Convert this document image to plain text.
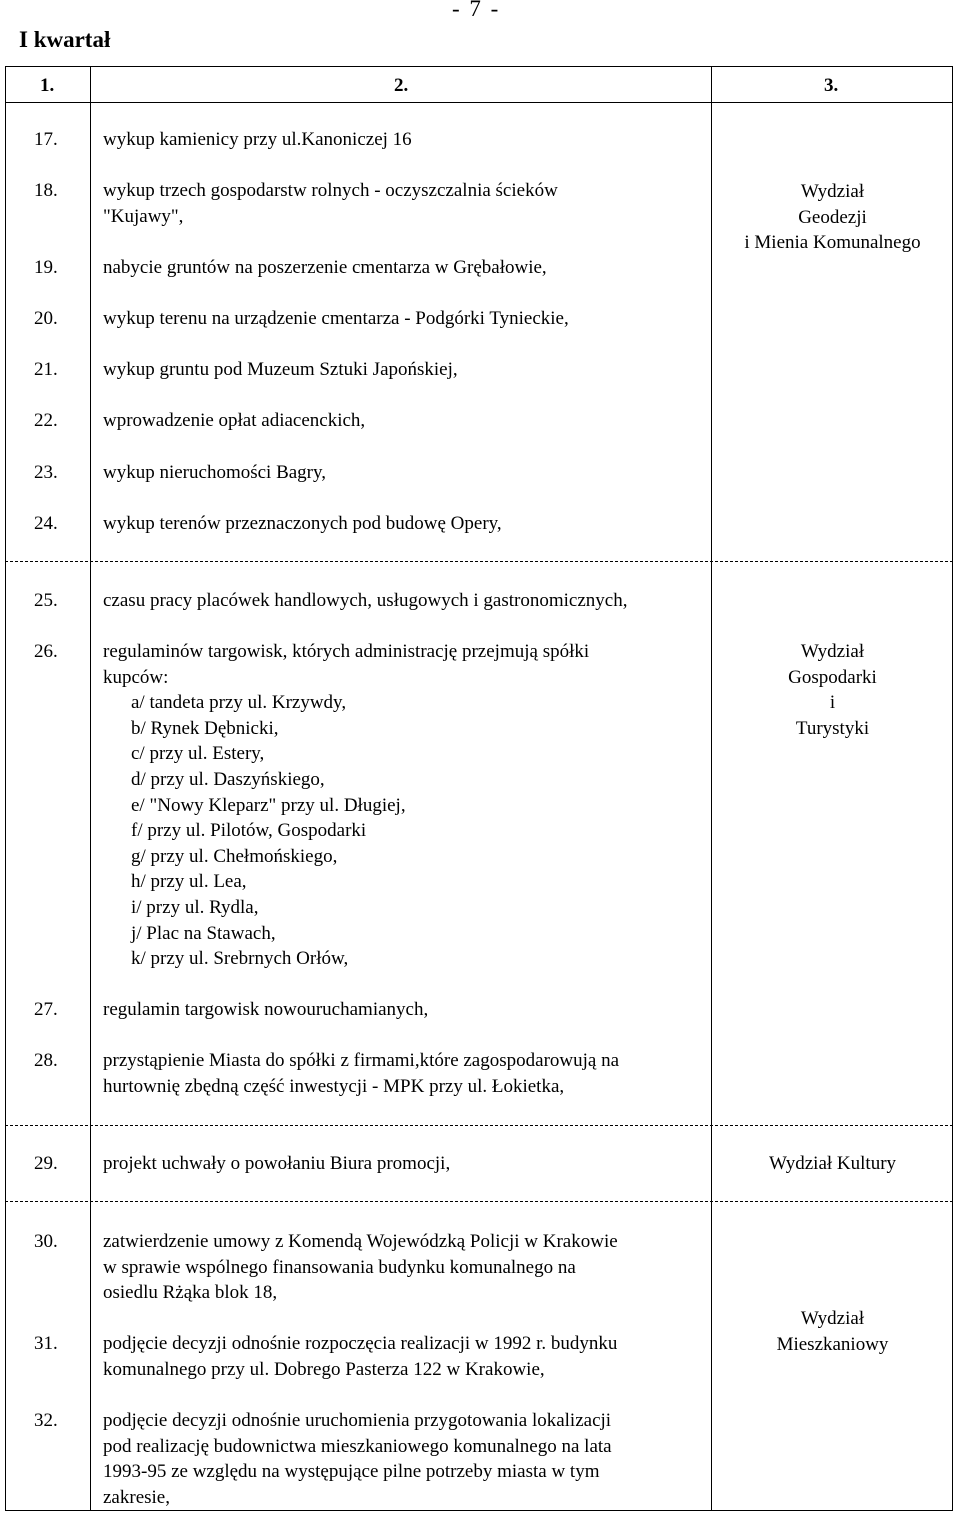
- 7 -
I kwartał
1.	2.	3.
Wydział
Geodezji
i Mienia Komunalnego
17. wykup kamienicy przy ul.Kanoniczej 16
18. wykup trzech gospodarstw rolnych - oczyszczalnia ścieków
"Kujawy",
19. nabycie gruntów na poszerzenie cmentarza w Grębałowie,
20. wykup terenu na urządzenie cmentarza - Podgórki Tynieckie,
21. wykup gruntu pod Muzeum Sztuki Japońskiej,
22. wprowadzenie opłat adiacenckich,
23. wykup nieruchomości Bagry,
24. wykup terenów przeznaczonych pod budowę Opery,
Wydział
Gospodarki
i
Turystyki
25. czasu pracy placówek handlowych, usługowych i gastronomicznych,
26. regulaminów targowisk, których administrację przejmują spółki
kupców:
a/ tandeta przy ul. Krzywdy,
b/ Rynek Dębnicki,
c/ przy ul. Estery,
d/ przy ul. Daszyńskiego,
e/ "Nowy Kleparz" przy ul. Długiej,
f/ przy ul. Pilotów, Gospodarki
g/ przy ul. Chełmońskiego,
h/ przy ul. Lea,
i/ przy ul. Rydla,
j/ Plac na Stawach,
k/ przy ul. Srebrnych Orłów,
27. regulamin targowisk nowouruchamianych,
28. przystąpienie Miasta do spółki z firmami,które zagospodarowują na
hurtownię zbędną część inwestycji - MPK przy ul. Łokietka,
Wydział Kultury
29. projekt uchwały o powołaniu Biura promocji,
Wydział
Mieszkaniowy
30. zatwierdzenie umowy z Komendą Wojewódzką Policji w Krakowie
w sprawie wspólnego finansowania budynku komunalnego na
osiedlu Rżąka blok 18,
31. podjęcie decyzji odnośnie rozpoczęcia realizacji w 1992 r. budynku
komunalnego przy ul. Dobrego Pasterza 122 w Krakowie,
32. podjęcie decyzji odnośnie uruchomienia przygotowania lokalizacji
pod realizację budownictwa mieszkaniowego komunalnego na lata
1993-95 ze względu na występujące pilne potrzeby miasta w tym
zakresie,
